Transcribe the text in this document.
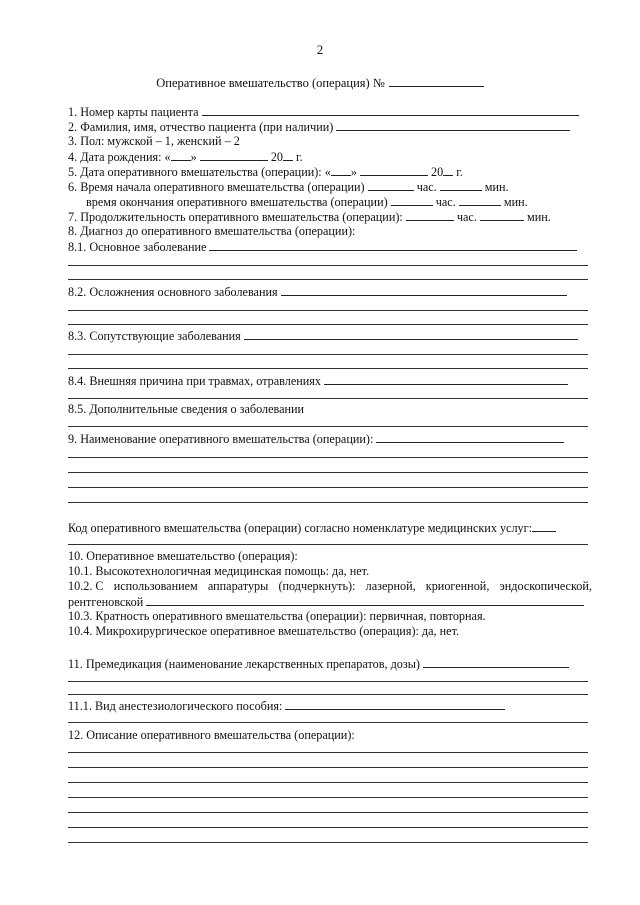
2
Оперативное вмешательство (операция) №
1. Номер карты пациента
2. Фамилия, имя, отчество пациента (при наличии)
3. Пол: мужской – 1, женский – 2
4. Дата рождения: « »	20 г.
5. Дата оперативного вмешательства (операции): « »	20 г.
6. Время начала оперативного вмешательства (операции)	час.	мин.
время окончания оперативного вмешательства (операции)	час.	мин.
7. Продолжительность оперативного вмешательства (операции):	час.	мин.
8. Диагноз до оперативного вмешательства (операции):
8.1. Основное заболевание
8.2. Осложнения основного заболевания
8.3. Сопутствующие заболевания
8.4. Внешняя причина при травмах, отравлениях
8.5. Дополнительные сведения о заболевании
9. Наименование оперативного вмешательства (операции):
Код оперативного вмешательства (операции) согласно номенклатуре медицинских услуг:
10. Оперативное вмешательство (операция):
10.1. Высокотехнологичная медицинская помощь: да, нет.
10.2. С использованием аппаратуры (подчеркнуть): лазерной, криогенной, эндоскопической,
рентгеновской
10.3. Кратность оперативного вмешательства (операции): первичная, повторная.
10.4. Микрохирургическое оперативное вмешательство (операция): да, нет.
11. Премедикация (наименование лекарственных препаратов, дозы)
11.1. Вид анестезиологического пособия:
12. Описание оперативного вмешательства (операции):
